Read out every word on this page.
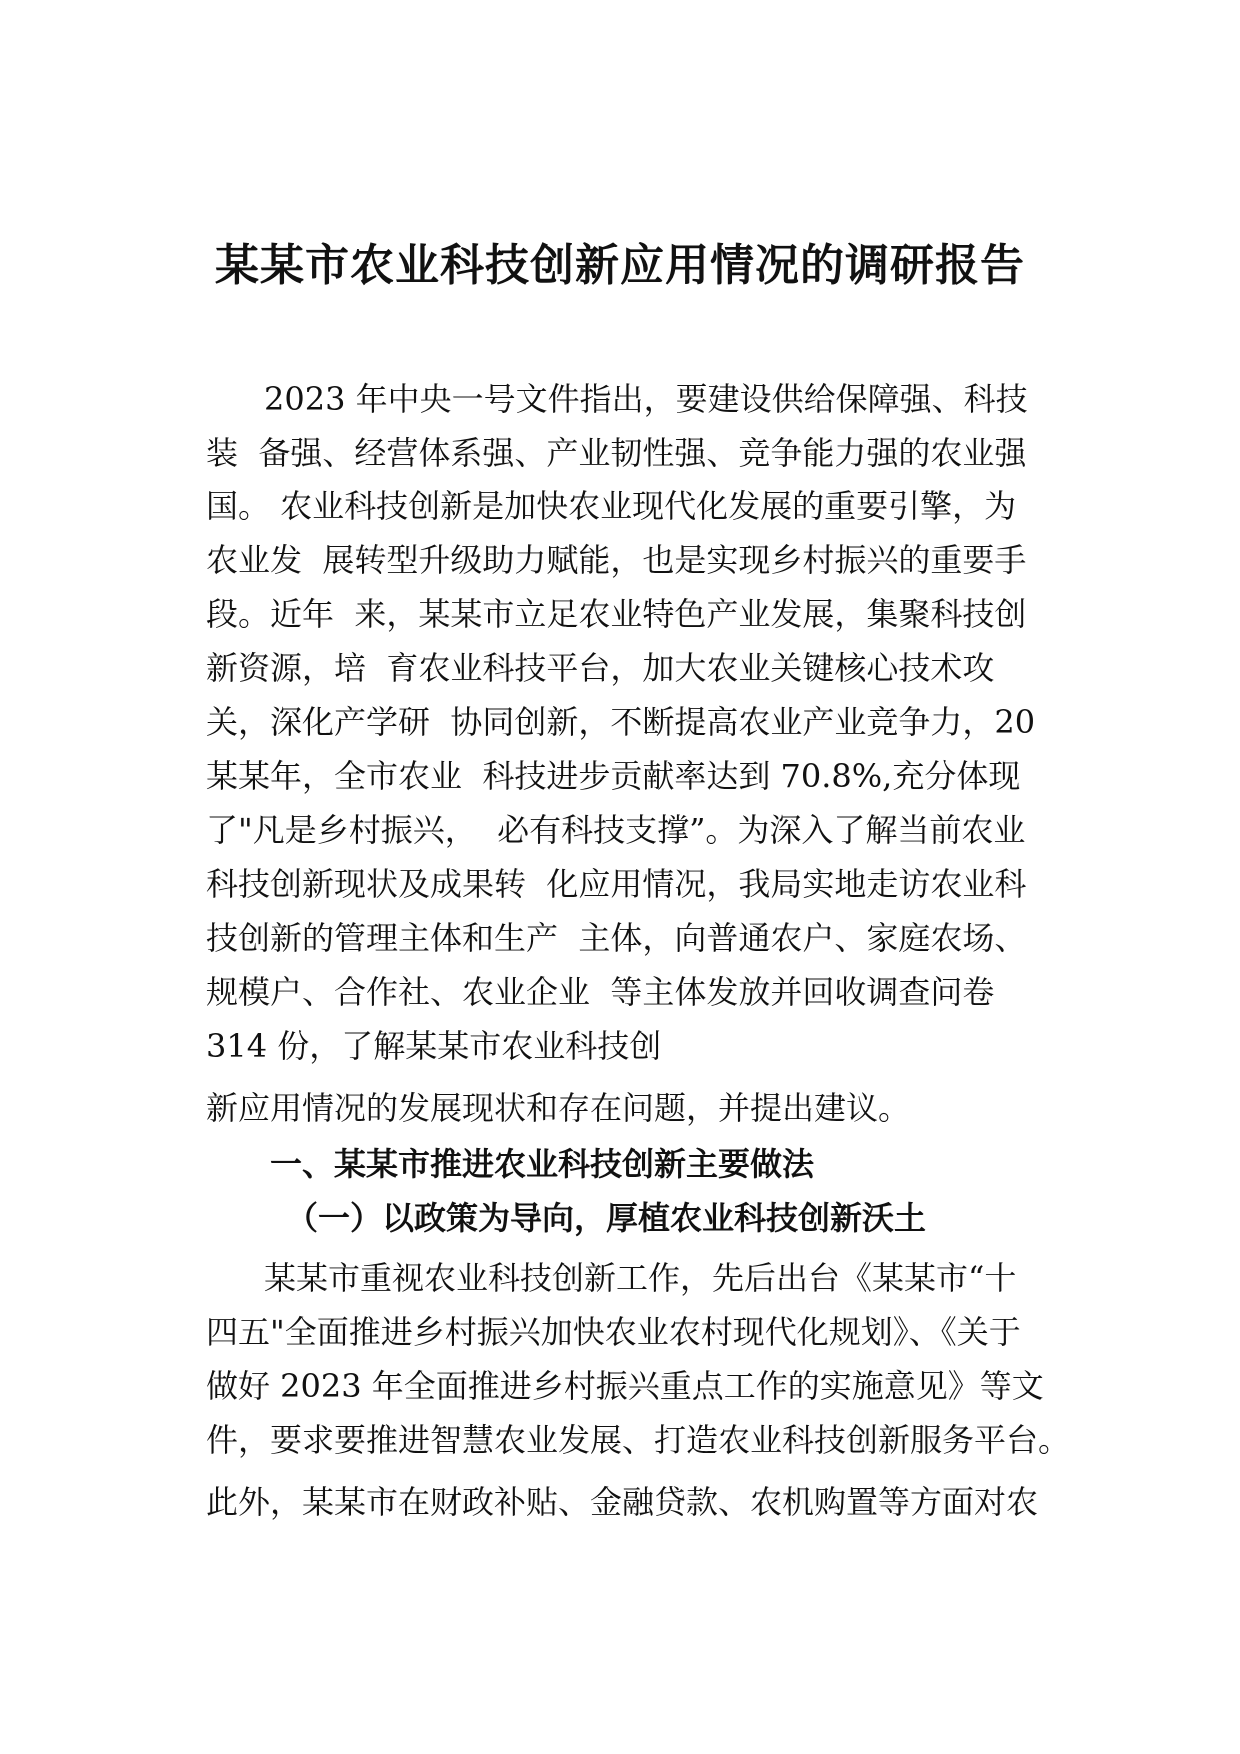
某某市农业科技创新应用情况的调研报告
2023 年中央一号文件指出，要建设供给保障强、科技
装  备强、经营体系强、产业韧性强、竞争能力强的农业强
国。 农业科技创新是加快农业现代化发展的重要引擎，为
农业发  展转型升级助力赋能，也是实现乡村振兴的重要手
段。近年  来，某某市立足农业特色产业发展，集聚科技创
新资源，培  育农业科技平台，加大农业关键核心技术攻
关，深化产学研  协同创新，不断提高农业产业竞争力，20
某某年，全市农业  科技进步贡献率达到 70.8%,充分体现
了"凡是乡村振兴，  必有科技支撑”。为深入了解当前农业
科技创新现状及成果转  化应用情况，我局实地走访农业科
技创新的管理主体和生产  主体，向普通农户、家庭农场、
规模户、合作社、农业企业  等主体发放并回收调查问卷
314 份，了解某某市农业科技创
新应用情况的发展现状和存在问题，并提出建议。
一、某某市推进农业科技创新主要做法
（一）以政策为导向，厚植农业科技创新沃土
某某市重视农业科技创新工作，先后出台《某某市“十
四五"全面推进乡村振兴加快农业农村现代化规划》、《关于
做好 2023 年全面推进乡村振兴重点工作的实施意见》等文
件，要求要推进智慧农业发展、打造农业科技创新服务平台。
此外，某某市在财政补贴、金融贷款、农机购置等方面对农
